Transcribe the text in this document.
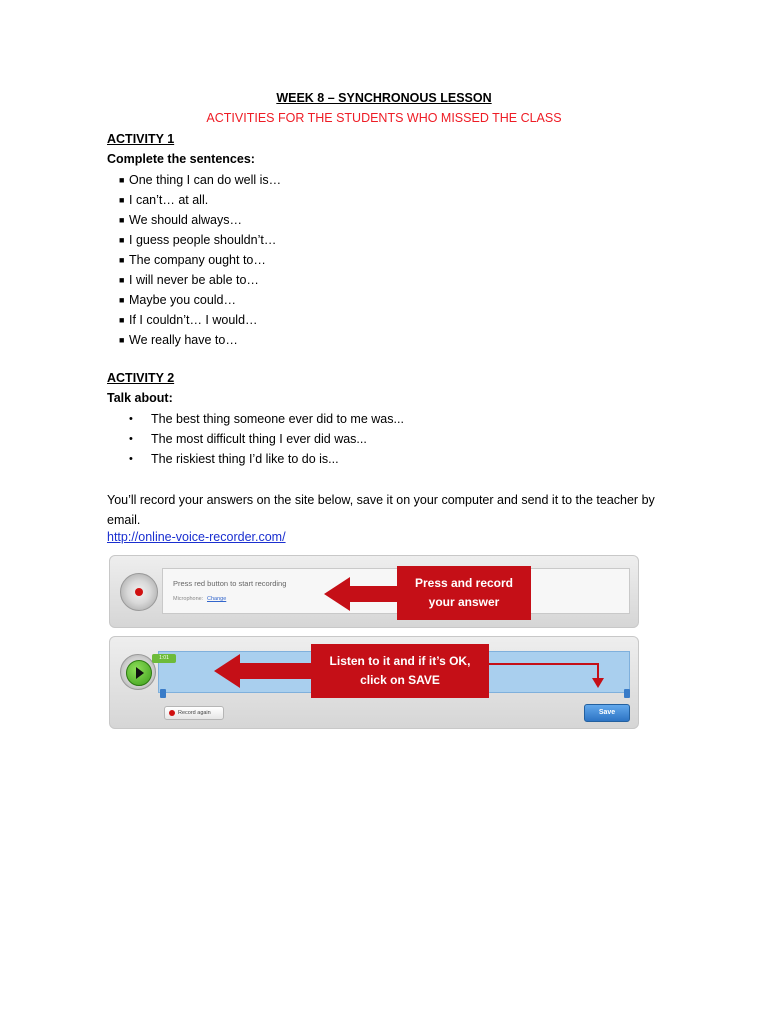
WEEK 8 – SYNCHRONOUS LESSON
ACTIVITIES FOR THE STUDENTS WHO MISSED THE CLASS
ACTIVITY 1
Complete the sentences:
■ One thing I can do well is…
■ I can’t… at all.
■ We should always…
■ I guess people shouldn’t…
■ The company ought to…
■ I will never be able to…
■ Maybe you could…
■ If I couldn’t… I would…
■ We really have to…
ACTIVITY 2
Talk about:
• The best thing someone ever did to me was...
• The most difficult thing I ever did was...
• The riskiest thing I’d like to do is...
You’ll record your answers on the site below, save it on your computer and send it to the teacher by email.
http://online-voice-recorder.com/
Press red button to start recording
Microphone: Change
Press and record
your answer
1:01	Listen to it and if it’s OK,
click on SAVE
Record again	Save
